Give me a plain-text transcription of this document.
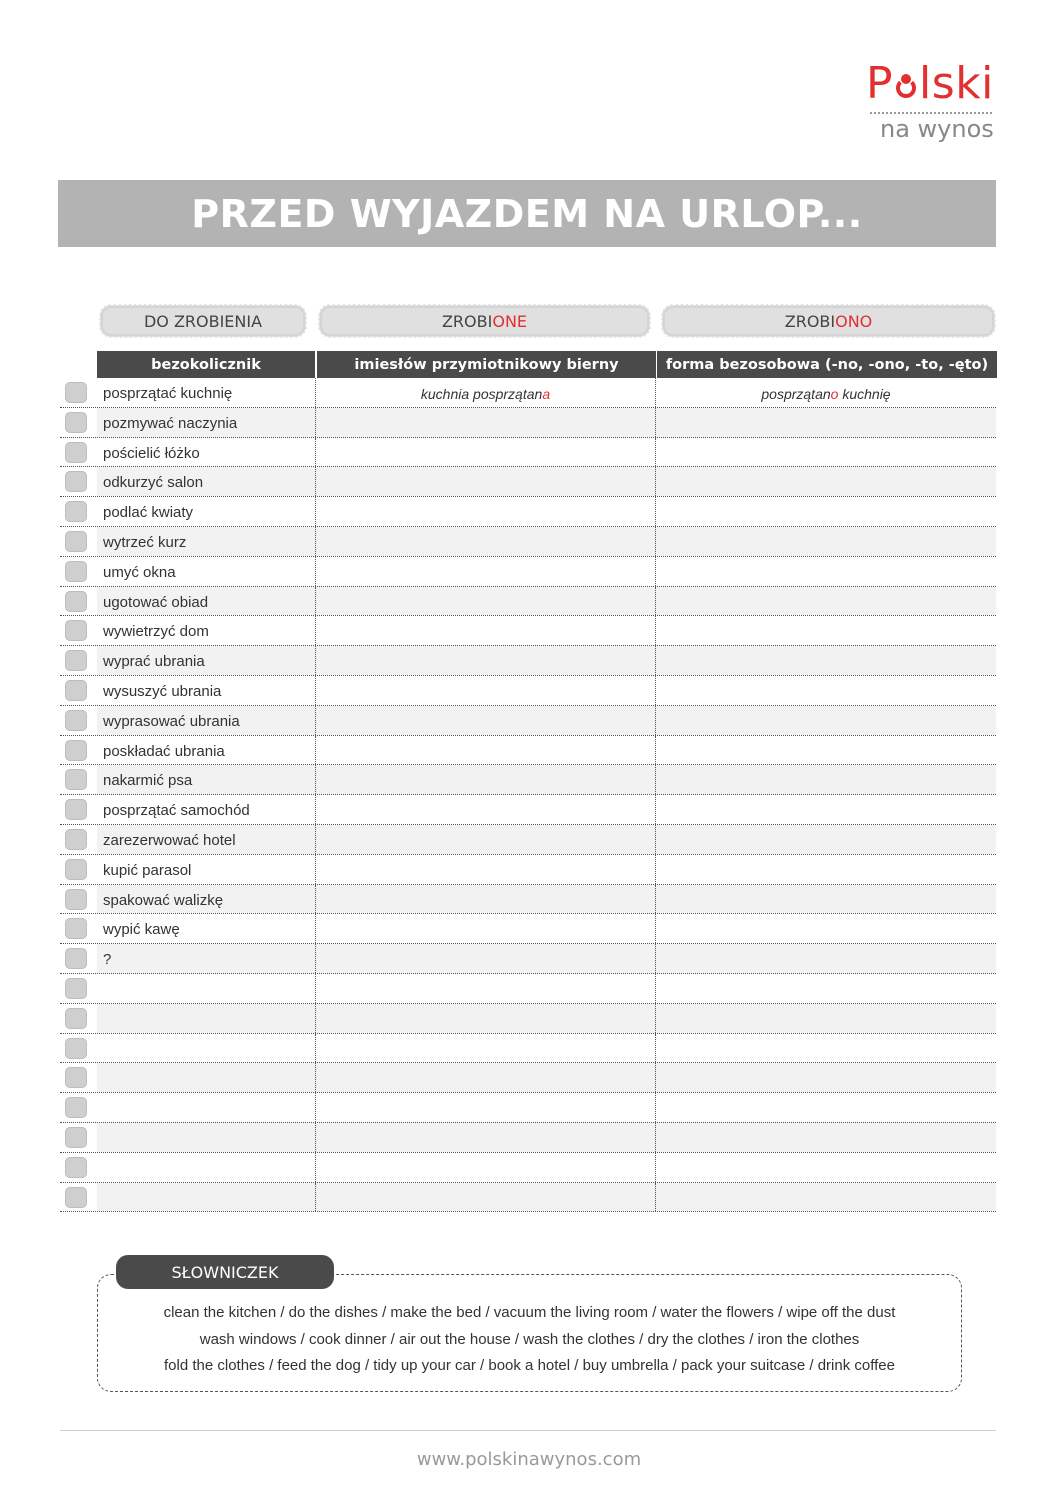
P lski
na wynos
PRZED WYJAZDEM NA URLOP...
DO ZROBIENIA	ZROBI ONE	ZROBI ONO
bezokolicznik	imiesłów przymiotnikowy bierny	forma bezosobowa (-no, -ono, -to, -ęto)
posprzątać kuchnię	kuchnia posprzątana	posprzątano kuchnię
pozmywać naczynia
pościelić łóżko
odkurzyć salon
podlać kwiaty
wytrzeć kurz
umyć okna
ugotować obiad
wywietrzyć dom
wyprać ubrania
wysuszyć ubrania
wyprasować ubrania
poskładać ubrania
nakarmić psa
posprzątać samochód
zarezerwować hotel
kupić parasol
spakować walizkę
wypić kawę
?
SŁOWNICZEK
clean the kitchen / do the dishes / make the bed / vacuum the living room / water the flowers / wipe off the dust
wash windows / cook dinner / air out the house / wash the clothes / dry the clothes / iron the clothes
fold the clothes / feed the dog / tidy up your car / book a hotel / buy umbrella / pack your suitcase / drink coffee
www.polskinawynos.com
